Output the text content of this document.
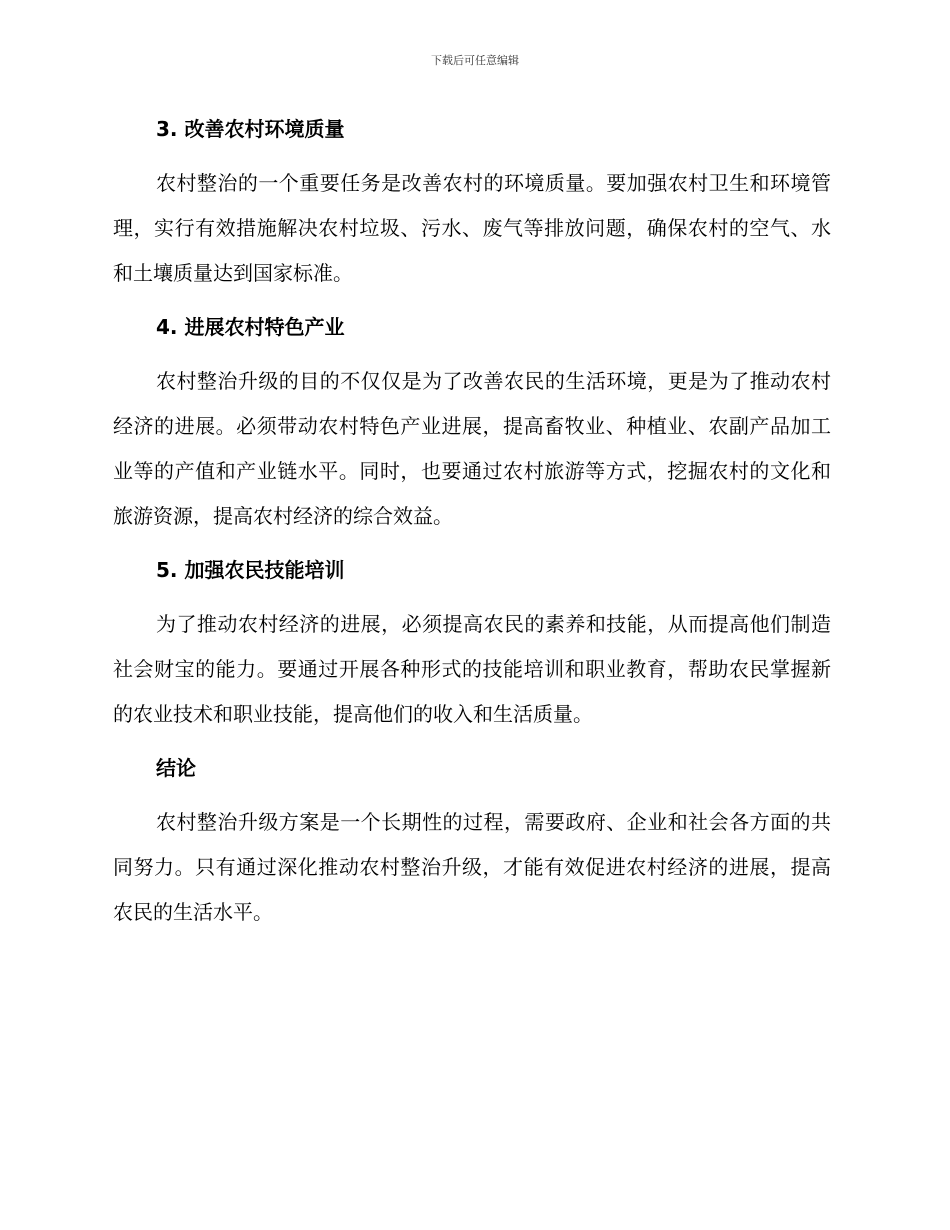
下载后可任意编辑
3. 改善农村环境质量

农村整治的一个重要任务是改善农村的环境质量。要加强农村卫生和环境管理，实行有效措施解决农村垃圾、污水、废气等排放问题，确保农村的空气、水和土壤质量达到国家标准。

4. 进展农村特色产业

农村整治升级的目的不仅仅是为了改善农民的生活环境，更是为了推动农村经济的进展。必须带动农村特色产业进展，提高畜牧业、种植业、农副产品加工业等的产值和产业链水平。同时，也要通过农村旅游等方式，挖掘农村的文化和旅游资源，提高农村经济的综合效益。

5. 加强农民技能培训

为了推动农村经济的进展，必须提高农民的素养和技能，从而提高他们制造社会财宝的能力。要通过开展各种形式的技能培训和职业教育，帮助农民掌握新的农业技术和职业技能，提高他们的收入和生活质量。

结论

农村整治升级方案是一个长期性的过程，需要政府、企业和社会各方面的共同努力。只有通过深化推动农村整治升级，才能有效促进农村经济的进展，提高农民的生活水平。
